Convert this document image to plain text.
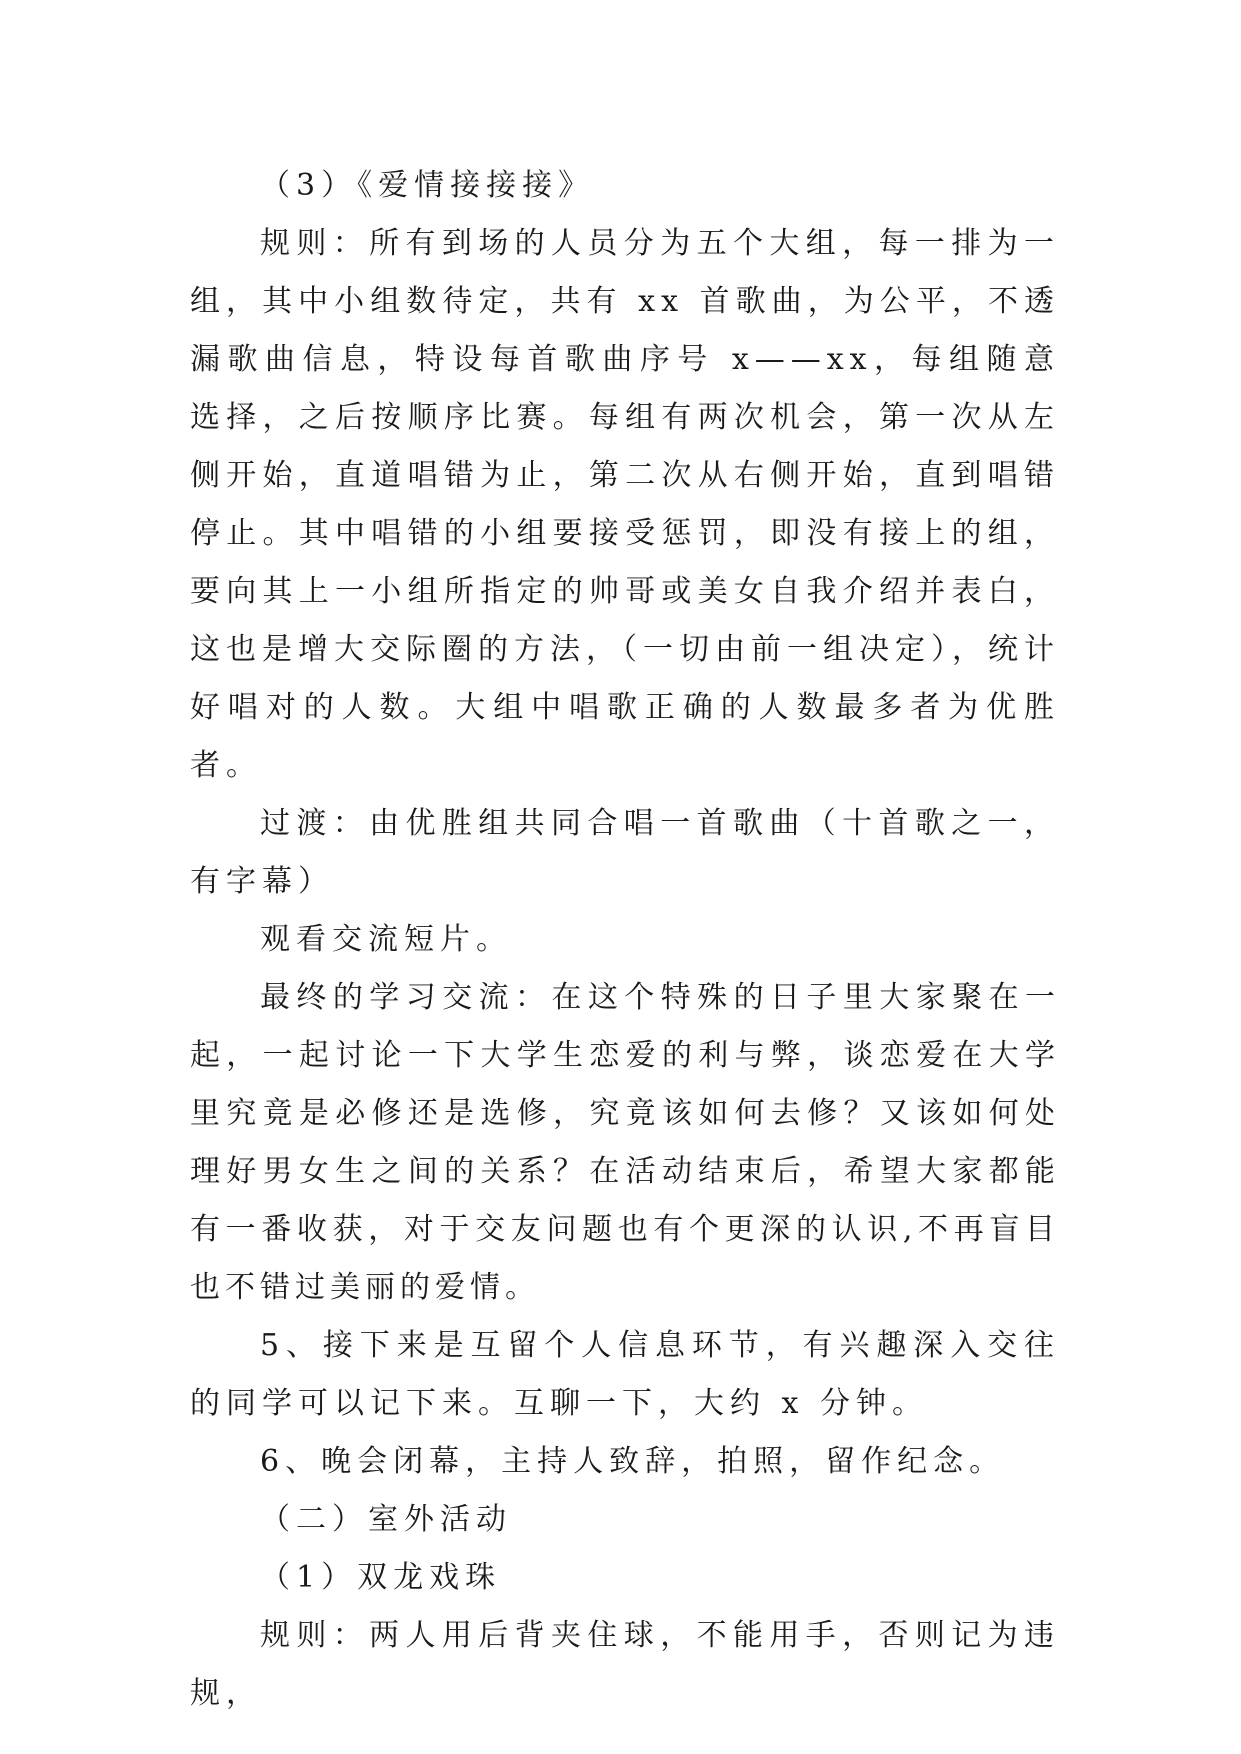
（3）《爱情接接接》

规则：所有到场的人员分为五个大组，每一排为一组，其中小组数待定，共有 xx 首歌曲，为公平，不透漏歌曲信息，特设每首歌曲序号 x——xx，每组随意选择，之后按顺序比赛。每组有两次机会，第一次从左侧开始，直道唱错为止，第二次从右侧开始，直到唱错停止。其中唱错的小组要接受惩罚，即没有接上的组，要向其上一小组所指定的帅哥或美女自我介绍并表白，这也是增大交际圈的方法，（一切由前一组决定），统计好唱对的人数。大组中唱歌正确的人数最多者为优胜者。

过渡：由优胜组共同合唱一首歌曲（十首歌之一，有字幕）

观看交流短片。

最终的学习交流：在这个特殊的日子里大家聚在一起，一起讨论一下大学生恋爱的利与弊，谈恋爱在大学里究竟是必修还是选修，究竟该如何去修？又该如何处理好男女生之间的关系？在活动结束后，希望大家都能有一番收获，对于交友问题也有个更深的认识,不再盲目也不错过美丽的爱情。

5、接下来是互留个人信息环节，有兴趣深入交往的同学可以记下来。互聊一下，大约 x 分钟。

6、晚会闭幕，主持人致辞，拍照，留作纪念。

（二）室外活动

（1）双龙戏珠

规则：两人用后背夹住球，不能用手，否则记为违规，
